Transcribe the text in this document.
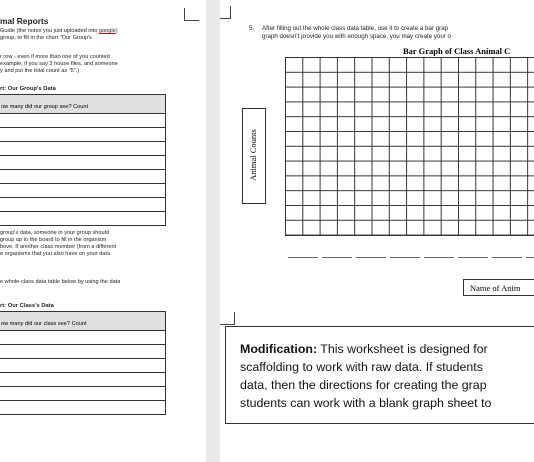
mal Reports
Guide (the notes you just uploaded into google)
group, to fill in the chart "Our Group's
r row - even if more than one of you counted
example, if you say 3 house flies, and someone
y and put the total count as "5".)
rt: Our Group's Data
ow many did our group see? Count

group's data, someone in your group should
group up to the board to fill in the organism
bove. If another class member (from a different
e organisms that you also have on your data
e whole-class data table below by using the data
rt: Our Class's Data
ow many did our class see? Count

5. After filling out the whole class data table, use it to create a bar grap
graph doesn't provide you with enough space, you may create your o
Bar Graph of Class Animal C
Animal Counts
Name of Anim
Modification: This worksheet is designed for
scaffolding to work with raw data. If students
data, then the directions for creating the grap
students can work with a blank graph sheet to
